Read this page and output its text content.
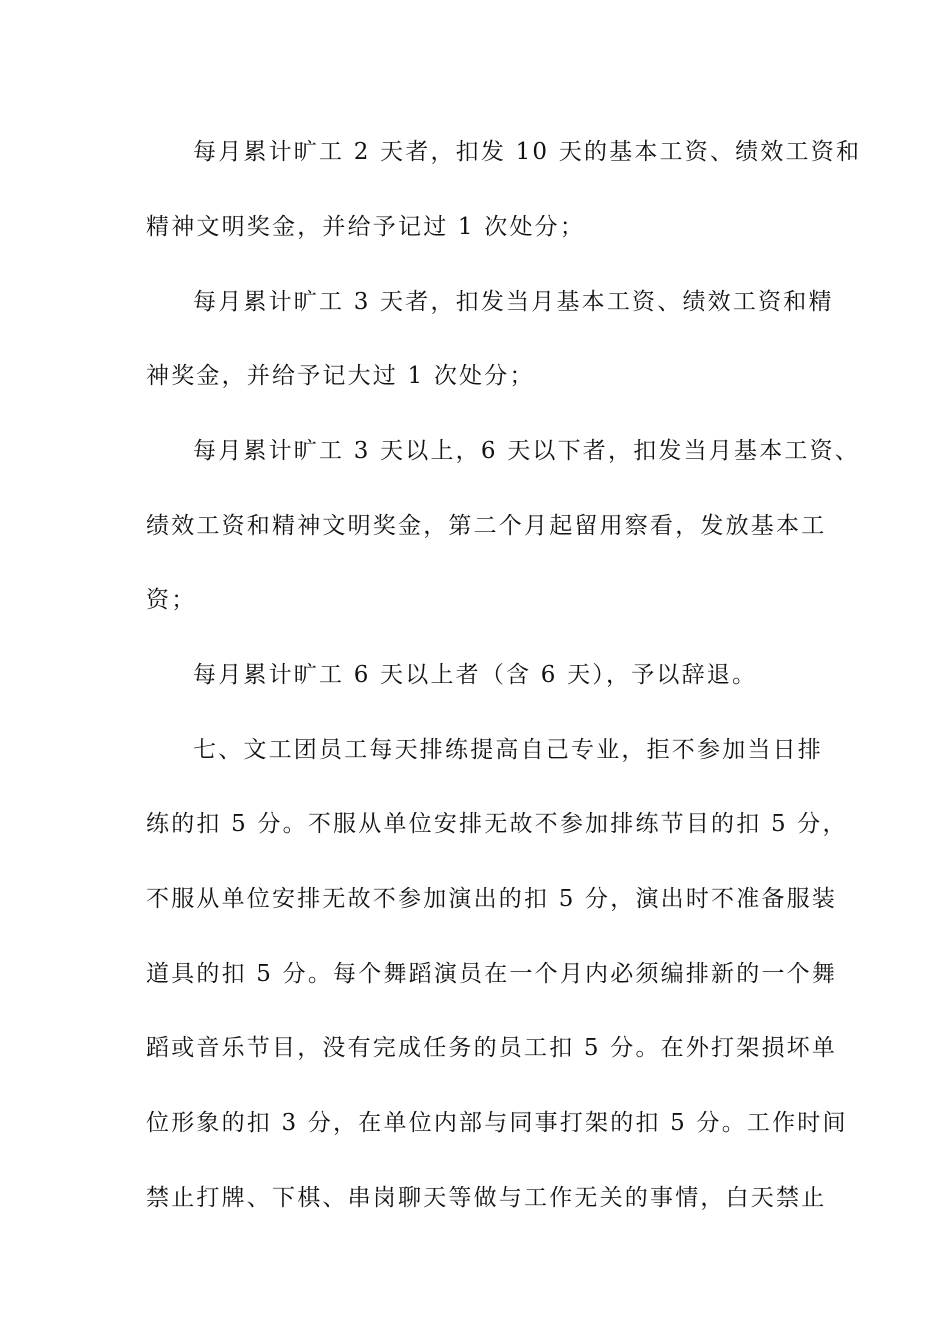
每月累计旷工 2 天者，扣发 10 天的基本工资、绩效工资和
精神文明奖金，并给予记过 1 次处分；
每月累计旷工 3 天者，扣发当月基本工资、绩效工资和精
神奖金，并给予记大过 1 次处分；
每月累计旷工 3 天以上，6 天以下者，扣发当月基本工资、
绩效工资和精神文明奖金，第二个月起留用察看，发放基本工
资；
每月累计旷工 6 天以上者（含 6 天），予以辞退。
七、文工团员工每天排练提高自己专业，拒不参加当日排
练的扣 5 分。不服从单位安排无故不参加排练节目的扣 5 分，
不服从单位安排无故不参加演出的扣 5 分，演出时不准备服装
道具的扣 5 分。每个舞蹈演员在一个月内必须编排新的一个舞
蹈或音乐节目，没有完成任务的员工扣 5 分。在外打架损坏单
位形象的扣 3 分，在单位内部与同事打架的扣 5 分。工作时间
禁止打牌、下棋、串岗聊天等做与工作无关的事情，白天禁止
